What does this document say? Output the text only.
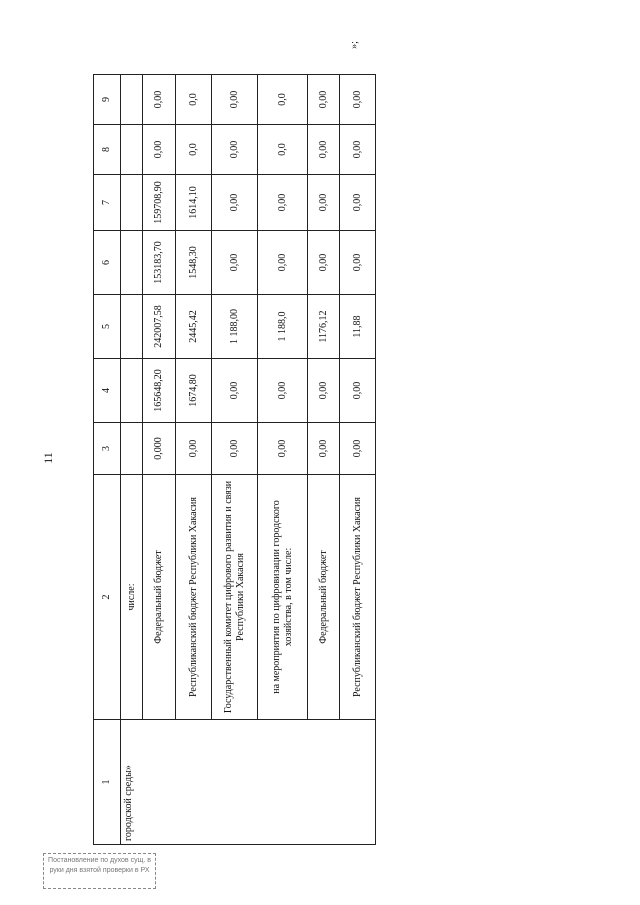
11
»;
Постановление по духов сущ. в руки дня взятой проверки в РХ
1	2	3	4	5	6	7	8	9
городской среды»	числе:							
	Федеральный бюджет	0,000	165648,20	242007,58	153183,70	159708,90	0,00	0,00
	Республиканский бюджет Республики Хакасия	0,00	1674,80	2445,42	1548,30	1614,10	0,0	0,0
	Государственный комитет цифрового развития и связи Республики Хакасия	0,00	0,00	1 188,00	0,00	0,00	0,00	0,00
	на мероприятия по цифровизации городского хозяйства, в том числе:	0,00	0,00	1 188,0	0,00	0,00	0,0	0,0
	Федеральный бюджет	0,00	0,00	1176,12	0,00	0,00	0,00	0,00
	Республиканский бюджет Республики Хакасия	0,00	0,00	11,88	0,00	0,00	0,00	0,00
